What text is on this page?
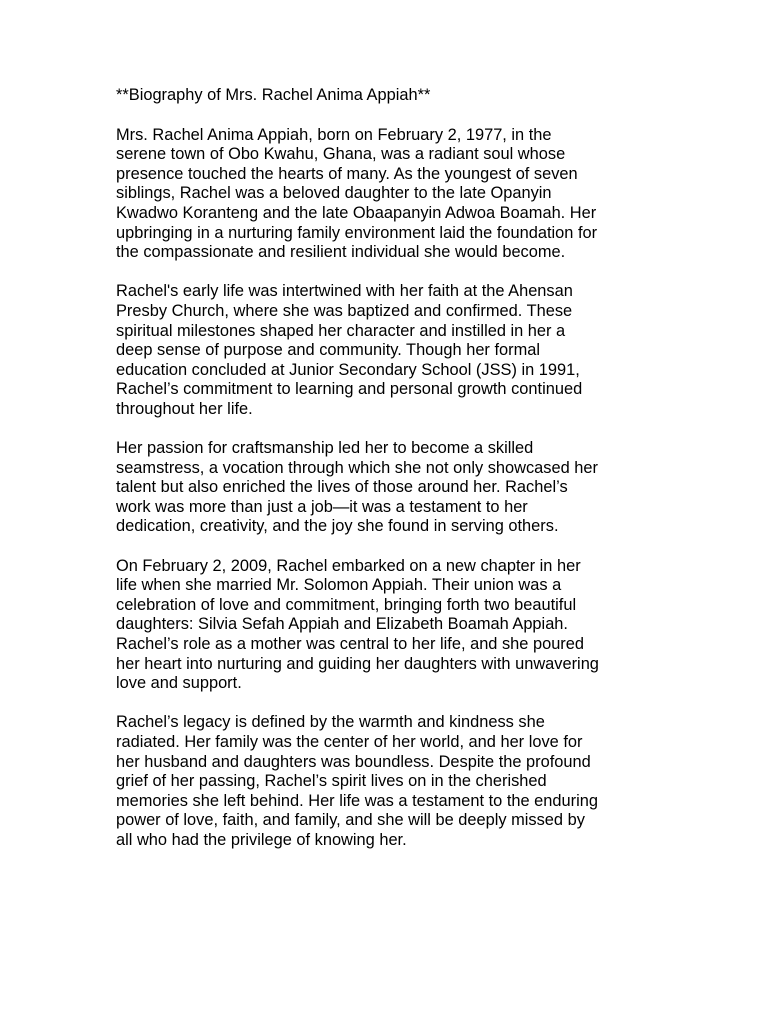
**Biography of Mrs. Rachel Anima Appiah**
Mrs. Rachel Anima Appiah, born on February 2, 1977, in the
serene town of Obo Kwahu, Ghana, was a radiant soul whose
presence touched the hearts of many. As the youngest of seven
siblings, Rachel was a beloved daughter to the late Opanyin
Kwadwo Koranteng and the late Obaapanyin Adwoa Boamah. Her
upbringing in a nurturing family environment laid the foundation for
the compassionate and resilient individual she would become.
Rachel's early life was intertwined with her faith at the Ahensan
Presby Church, where she was baptized and confirmed. These
spiritual milestones shaped her character and instilled in her a
deep sense of purpose and community. Though her formal
education concluded at Junior Secondary School (JSS) in 1991,
Rachel’s commitment to learning and personal growth continued
throughout her life.
Her passion for craftsmanship led her to become a skilled
seamstress, a vocation through which she not only showcased her
talent but also enriched the lives of those around her. Rachel’s
work was more than just a job—it was a testament to her
dedication, creativity, and the joy she found in serving others.
On February 2, 2009, Rachel embarked on a new chapter in her
life when she married Mr. Solomon Appiah. Their union was a
celebration of love and commitment, bringing forth two beautiful
daughters: Silvia Sefah Appiah and Elizabeth Boamah Appiah.
Rachel’s role as a mother was central to her life, and she poured
her heart into nurturing and guiding her daughters with unwavering
love and support.
Rachel’s legacy is defined by the warmth and kindness she
radiated. Her family was the center of her world, and her love for
her husband and daughters was boundless. Despite the profound
grief of her passing, Rachel’s spirit lives on in the cherished
memories she left behind. Her life was a testament to the enduring
power of love, faith, and family, and she will be deeply missed by
all who had the privilege of knowing her.
